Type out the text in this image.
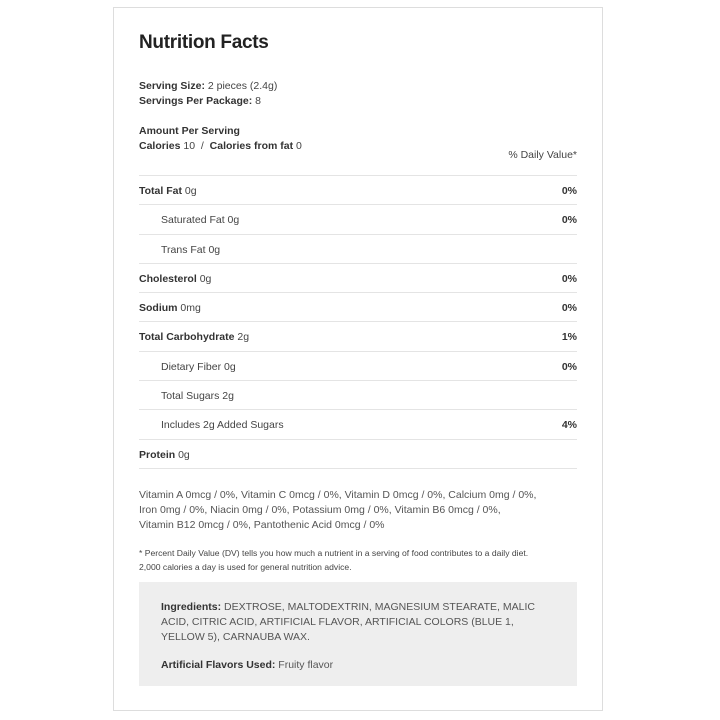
Nutrition Facts
Serving Size: 2 pieces (2.4g)
Servings Per Package: 8
Amount Per Serving
Calories 10 / Calories from fat 0
% Daily Value*
Total Fat 0g	0%
Saturated Fat 0g	0%
Trans Fat 0g
Cholesterol 0g	0%
Sodium 0mg	0%
Total Carbohydrate 2g	1%
Dietary Fiber 0g	0%
Total Sugars 2g
Includes 2g Added Sugars	4%
Protein 0g
Vitamin A 0mcg / 0%, Vitamin C 0mcg / 0%, Vitamin D 0mcg / 0%, Calcium 0mg / 0%,
Iron 0mg / 0%, Niacin 0mg / 0%, Potassium 0mg / 0%, Vitamin B6 0mcg / 0%,
Vitamin B12 0mcg / 0%, Pantothenic Acid 0mcg / 0%
* Percent Daily Value (DV) tells you how much a nutrient in a serving of food contributes to a daily diet.
2,000 calories a day is used for general nutrition advice.
Ingredients: DEXTROSE, MALTODEXTRIN, MAGNESIUM STEARATE, MALIC ACID, CITRIC ACID, ARTIFICIAL FLAVOR, ARTIFICIAL COLORS (BLUE 1, YELLOW 5), CARNAUBA WAX.
Artificial Flavors Used: Fruity flavor
